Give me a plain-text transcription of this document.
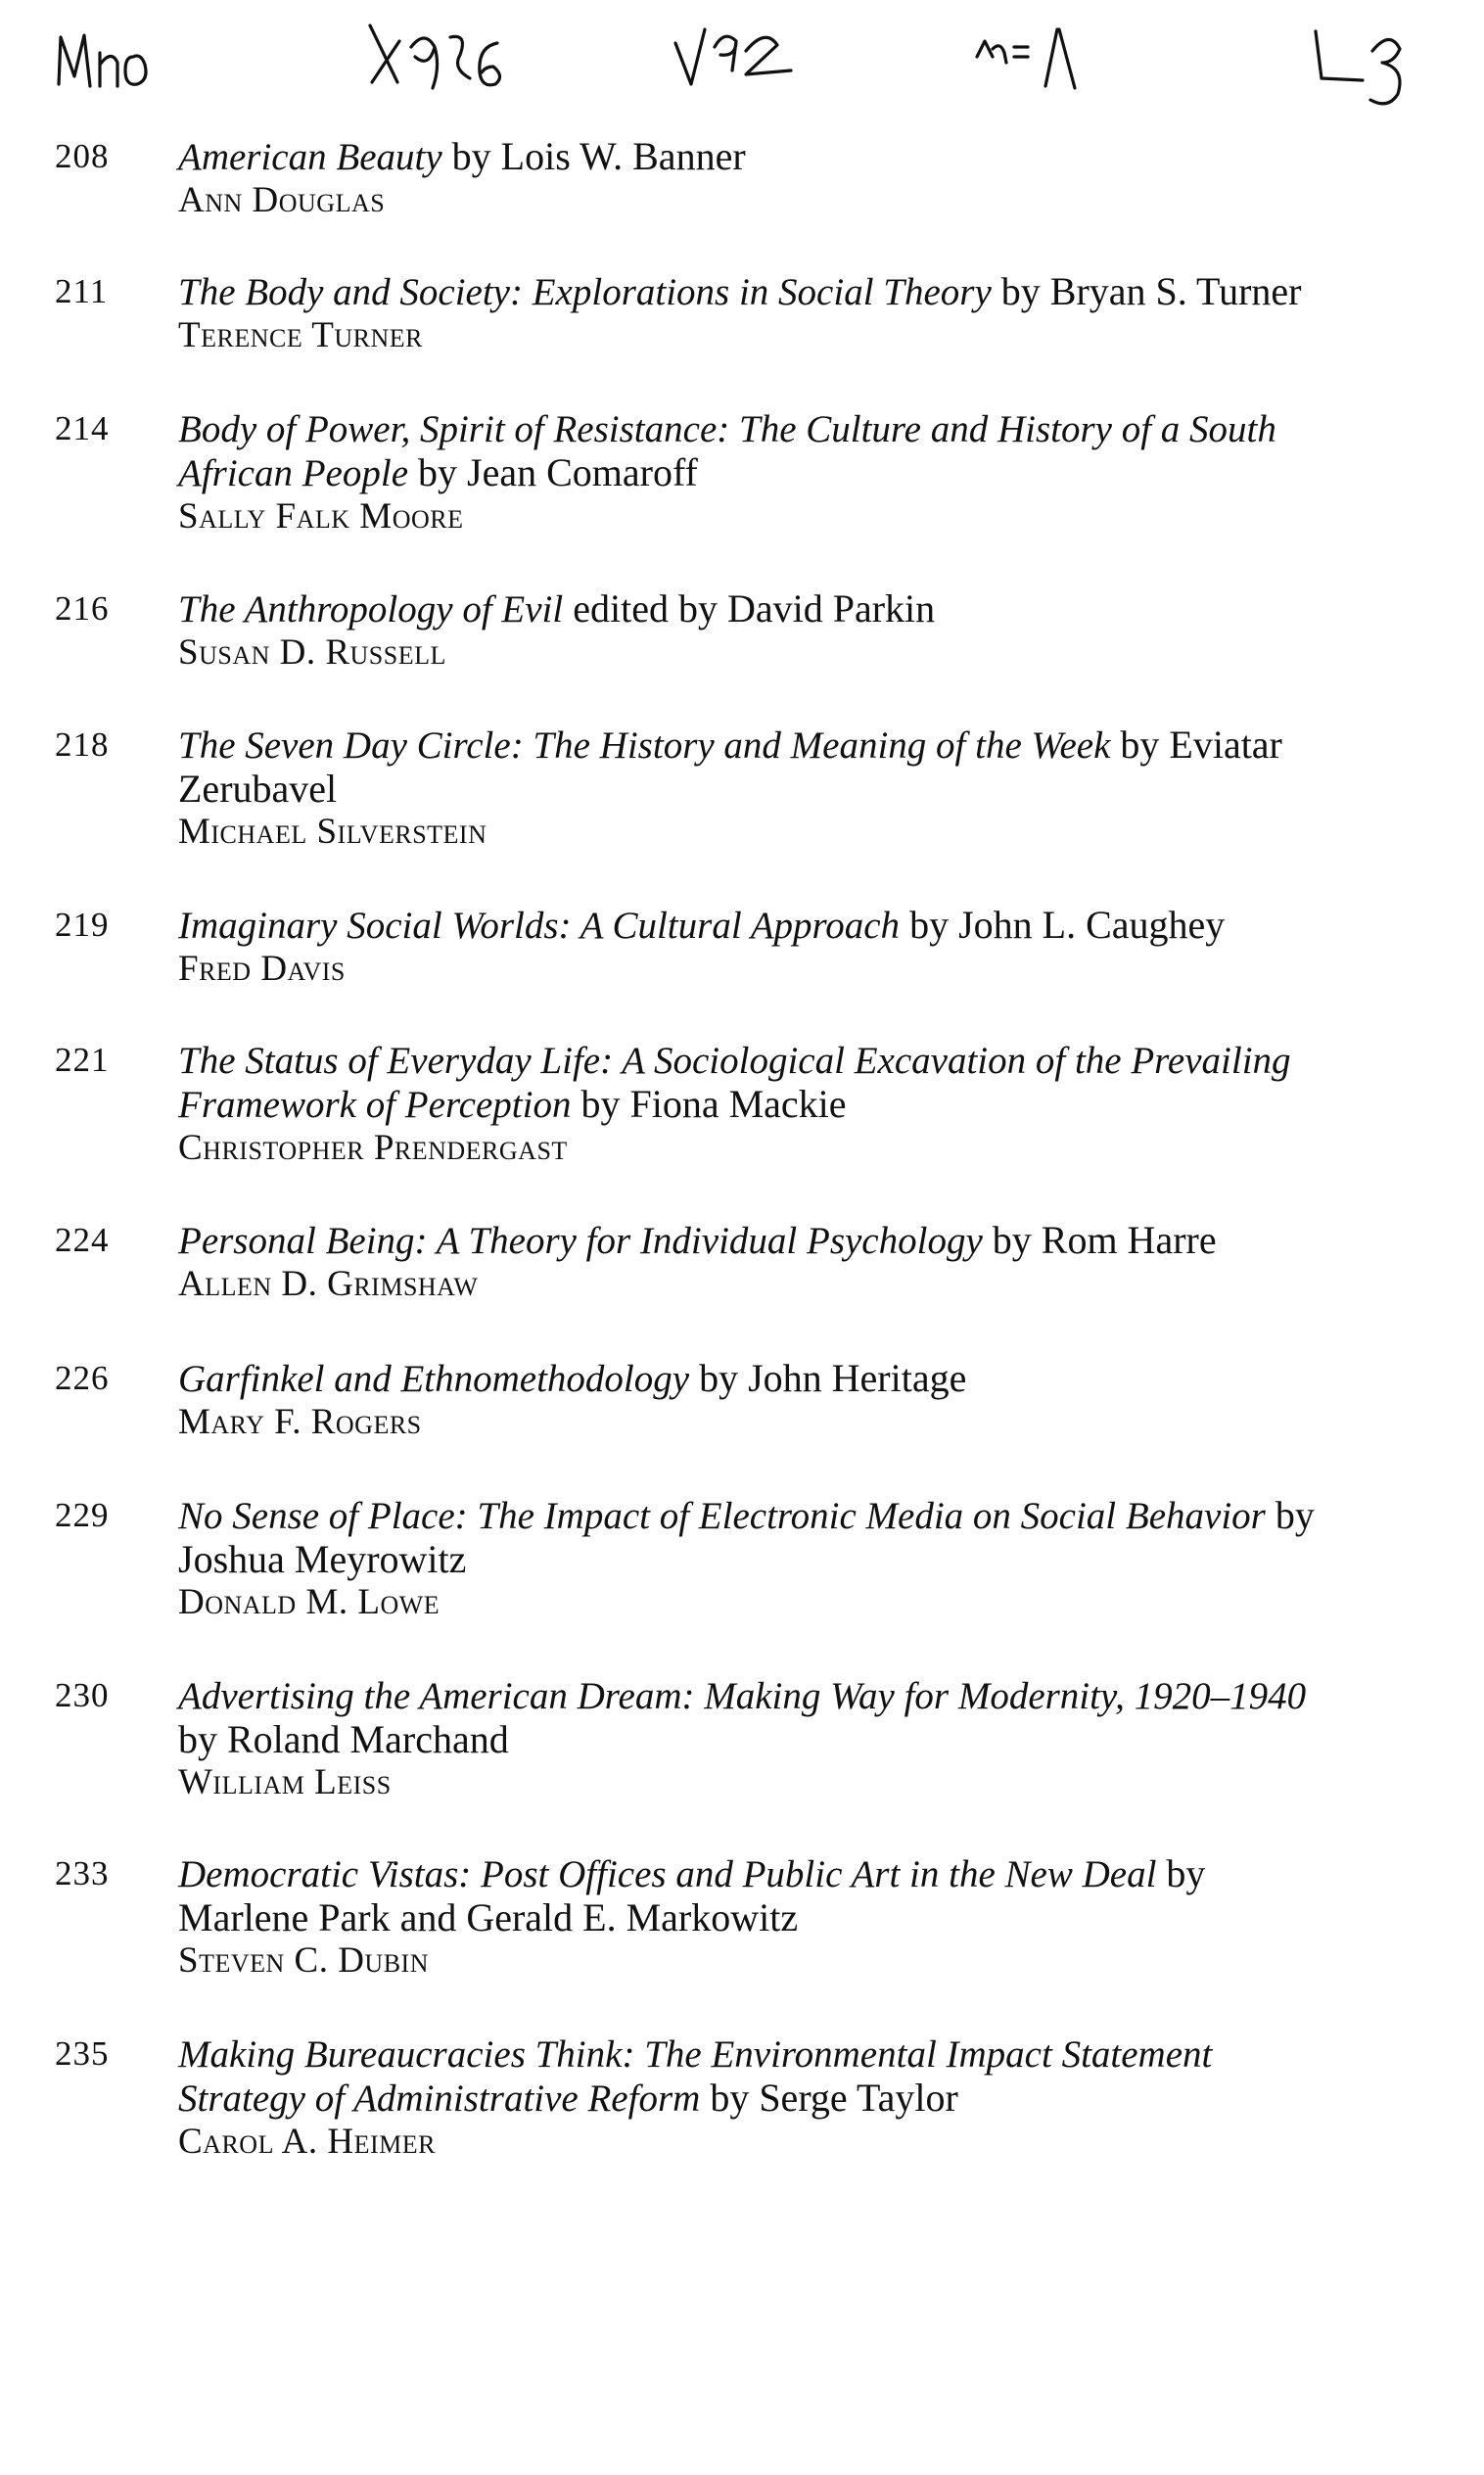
208	American Beauty by Lois W. Banner
Ann Douglas
211	The Body and Society: Explorations in Social Theory by Bryan S. Turner
Terence Turner
214	Body of Power, Spirit of Resistance: The Culture and History of a South African People by Jean Comaroff
Sally Falk Moore
216	The Anthropology of Evil edited by David Parkin
Susan D. Russell
218	The Seven Day Circle: The History and Meaning of the Week by Eviatar Zerubavel
Michael Silverstein
219	Imaginary Social Worlds: A Cultural Approach by John L. Caughey
Fred Davis
221	The Status of Everyday Life: A Sociological Excavation of the Prevailing Framework of Perception by Fiona Mackie
Christopher Prendergast
224	Personal Being: A Theory for Individual Psychology by Rom Harre
Allen D. Grimshaw
226	Garfinkel and Ethnomethodology by John Heritage
Mary F. Rogers
229	No Sense of Place: The Impact of Electronic Media on Social Behavior by Joshua Meyrowitz
Donald M. Lowe
230	Advertising the American Dream: Making Way for Modernity, 1920–1940 by Roland Marchand
William Leiss
233	Democratic Vistas: Post Offices and Public Art in the New Deal by Marlene Park and Gerald E. Markowitz
Steven C. Dubin
235	Making Bureaucracies Think: The Environmental Impact Statement Strategy of Administrative Reform by Serge Taylor
Carol A. Heimer
